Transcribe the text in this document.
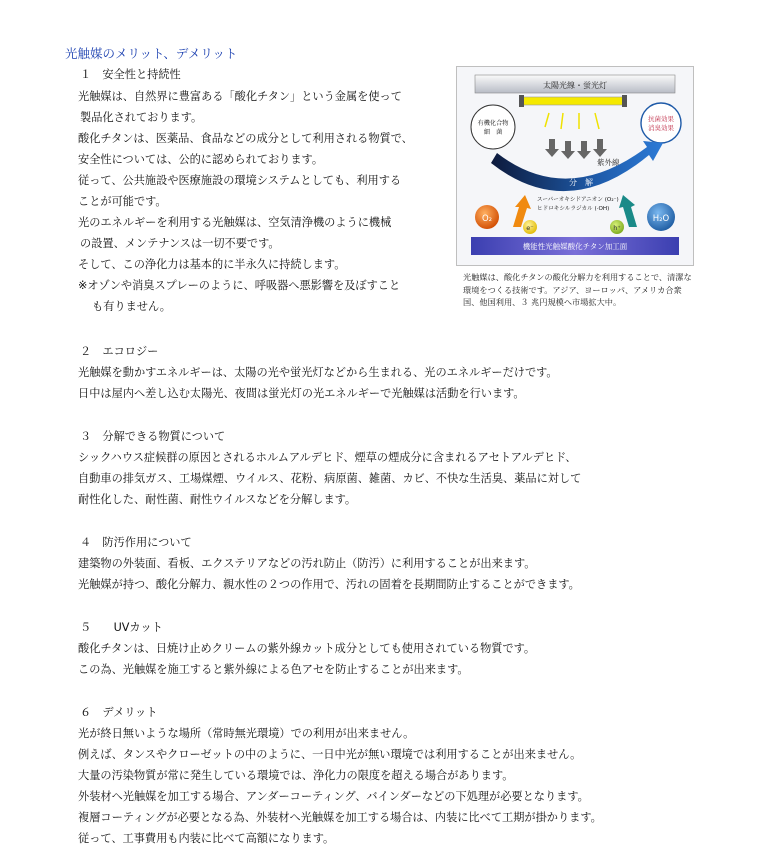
光触媒のメリット、デメリット
１　安全性と持続性
光触媒は、自然界に豊富ある「酸化チタン」という金属を使って
製品化されております。
酸化チタンは、医薬品、食品などの成分として利用される物質で、
安全性については、公的に認められております。
従って、公共施設や医療施設の環境システムとしても、利用する
ことが可能です。
光のエネルギーを利用する光触媒は、空気清浄機のように機械
の設置、メンテナンスは一切不要です。
そして、この浄化力は基本的に半永久に持続します。
※オゾンや消臭スプレーのように、呼吸器へ悪影響を及ぼすこと
も有りません。
太陽光線・蛍光灯
有機化合物
細　菌
抗菌効果
消臭効果
紫外線
分　解
スーパーオキシドアニオン (O₂⁻)
ヒドロキシルラジカル (·OH)
O₂
e⁻	h⁺
H₂O
機能性光触媒酸化チタン加工面
光触媒は、酸化チタンの酸化分解力を利用することで、清潔な環境をつくる技術です。アジア、ヨーロッパ、アメリカ合衆国、他国利用、３ 兆円規模へ市場拡大中。
２　エコロジー
光触媒を動かすエネルギーは、太陽の光や蛍光灯などから生まれる、光のエネルギーだけです。
日中は屋内へ差し込む太陽光、夜間は蛍光灯の光エネルギーで光触媒は活動を行います。
３　分解できる物質について
シックハウス症候群の原因とされるホルムアルデヒド、煙草の煙成分に含まれるアセトアルデヒド、
自動車の排気ガス、工場煤煙、ウイルス、花粉、病原菌、雑菌、カビ、不快な生活臭、薬品に対して
耐性化した、耐性菌、耐性ウイルスなどを分解します。
４　防汚作用について
建築物の外装面、看板、エクステリアなどの汚れ防止（防汚）に利用することが出来ます。
光触媒が持つ、酸化分解力、親水性の２つの作用で、汚れの固着を長期間防止することができます。
５　　UVカット
酸化チタンは、日焼け止めクリームの紫外線カット成分としても使用されている物質です。
この為、光触媒を施工すると紫外線による色アセを防止することが出来ます。
６　デメリット
光が終日無いような場所（常時無光環境）での利用が出来ません。
例えば、タンスやクローゼットの中のように、一日中光が無い環境では利用することが出来ません。
大量の汚染物質が常に発生している環境では、浄化力の限度を超える場合があります。
外装材へ光触媒を加工する場合、アンダーコーティング、バインダーなどの下処理が必要となります。
複層コーティングが必要となる為、外装材へ光触媒を加工する場合は、内装に比べて工期が掛かります。
従って、工事費用も内装に比べて高額になります。
